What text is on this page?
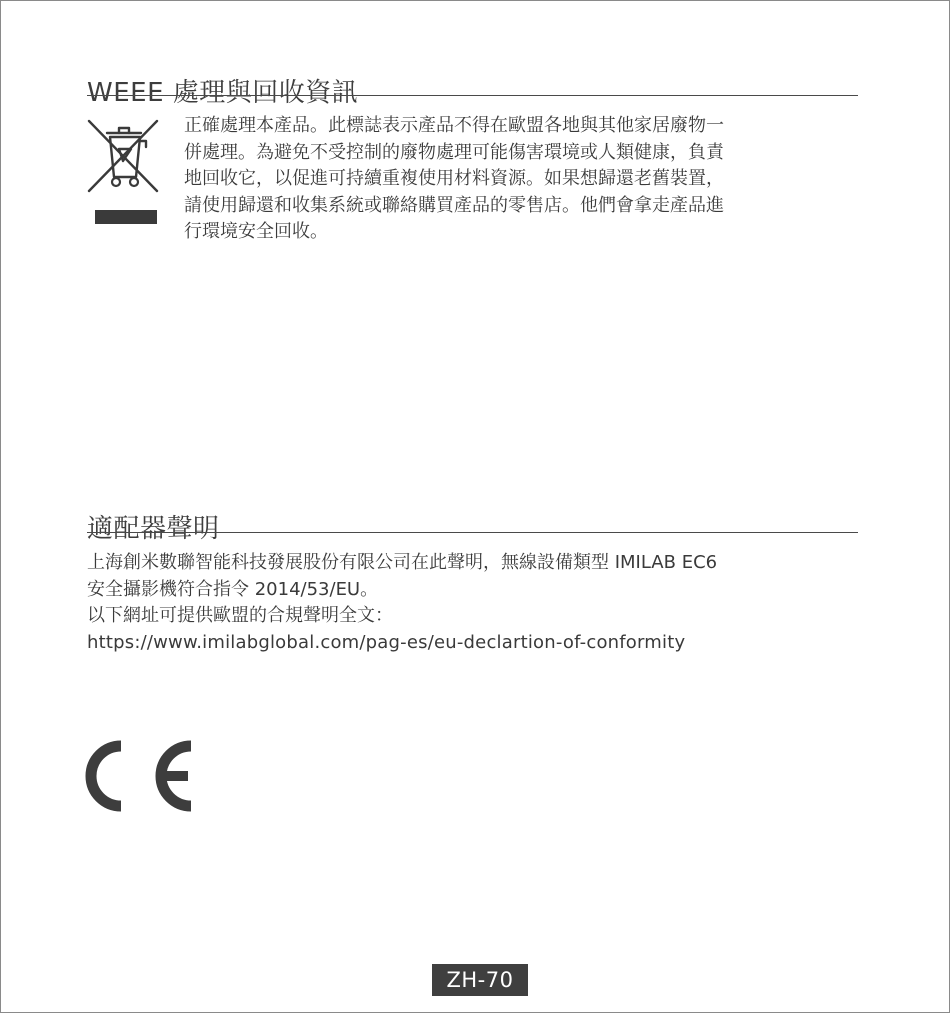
WEEE 處理與回收資訊

正確處理本產品。此標誌表示產品不得在歐盟各地與其他家居廢物一

併處理。為避免不受控制的廢物處理可能傷害環境或人類健康，負責

地回收它，以促進可持續重複使用材料資源。如果想歸還老舊裝置，

請使用歸還和收集系統或聯絡購買產品的零售店。他們會拿走產品進

行環境安全回收。

適配器聲明

上海創米數聯智能科技發展股份有限公司在此聲明，無線設備類型 IMILAB EC6

安全攝影機符合指令 2014/53/EU。

以下網址可提供歐盟的合規聲明全文：

https://www.imilabglobal.com/pag-es/eu-declartion-of-conformity

ZH-70
